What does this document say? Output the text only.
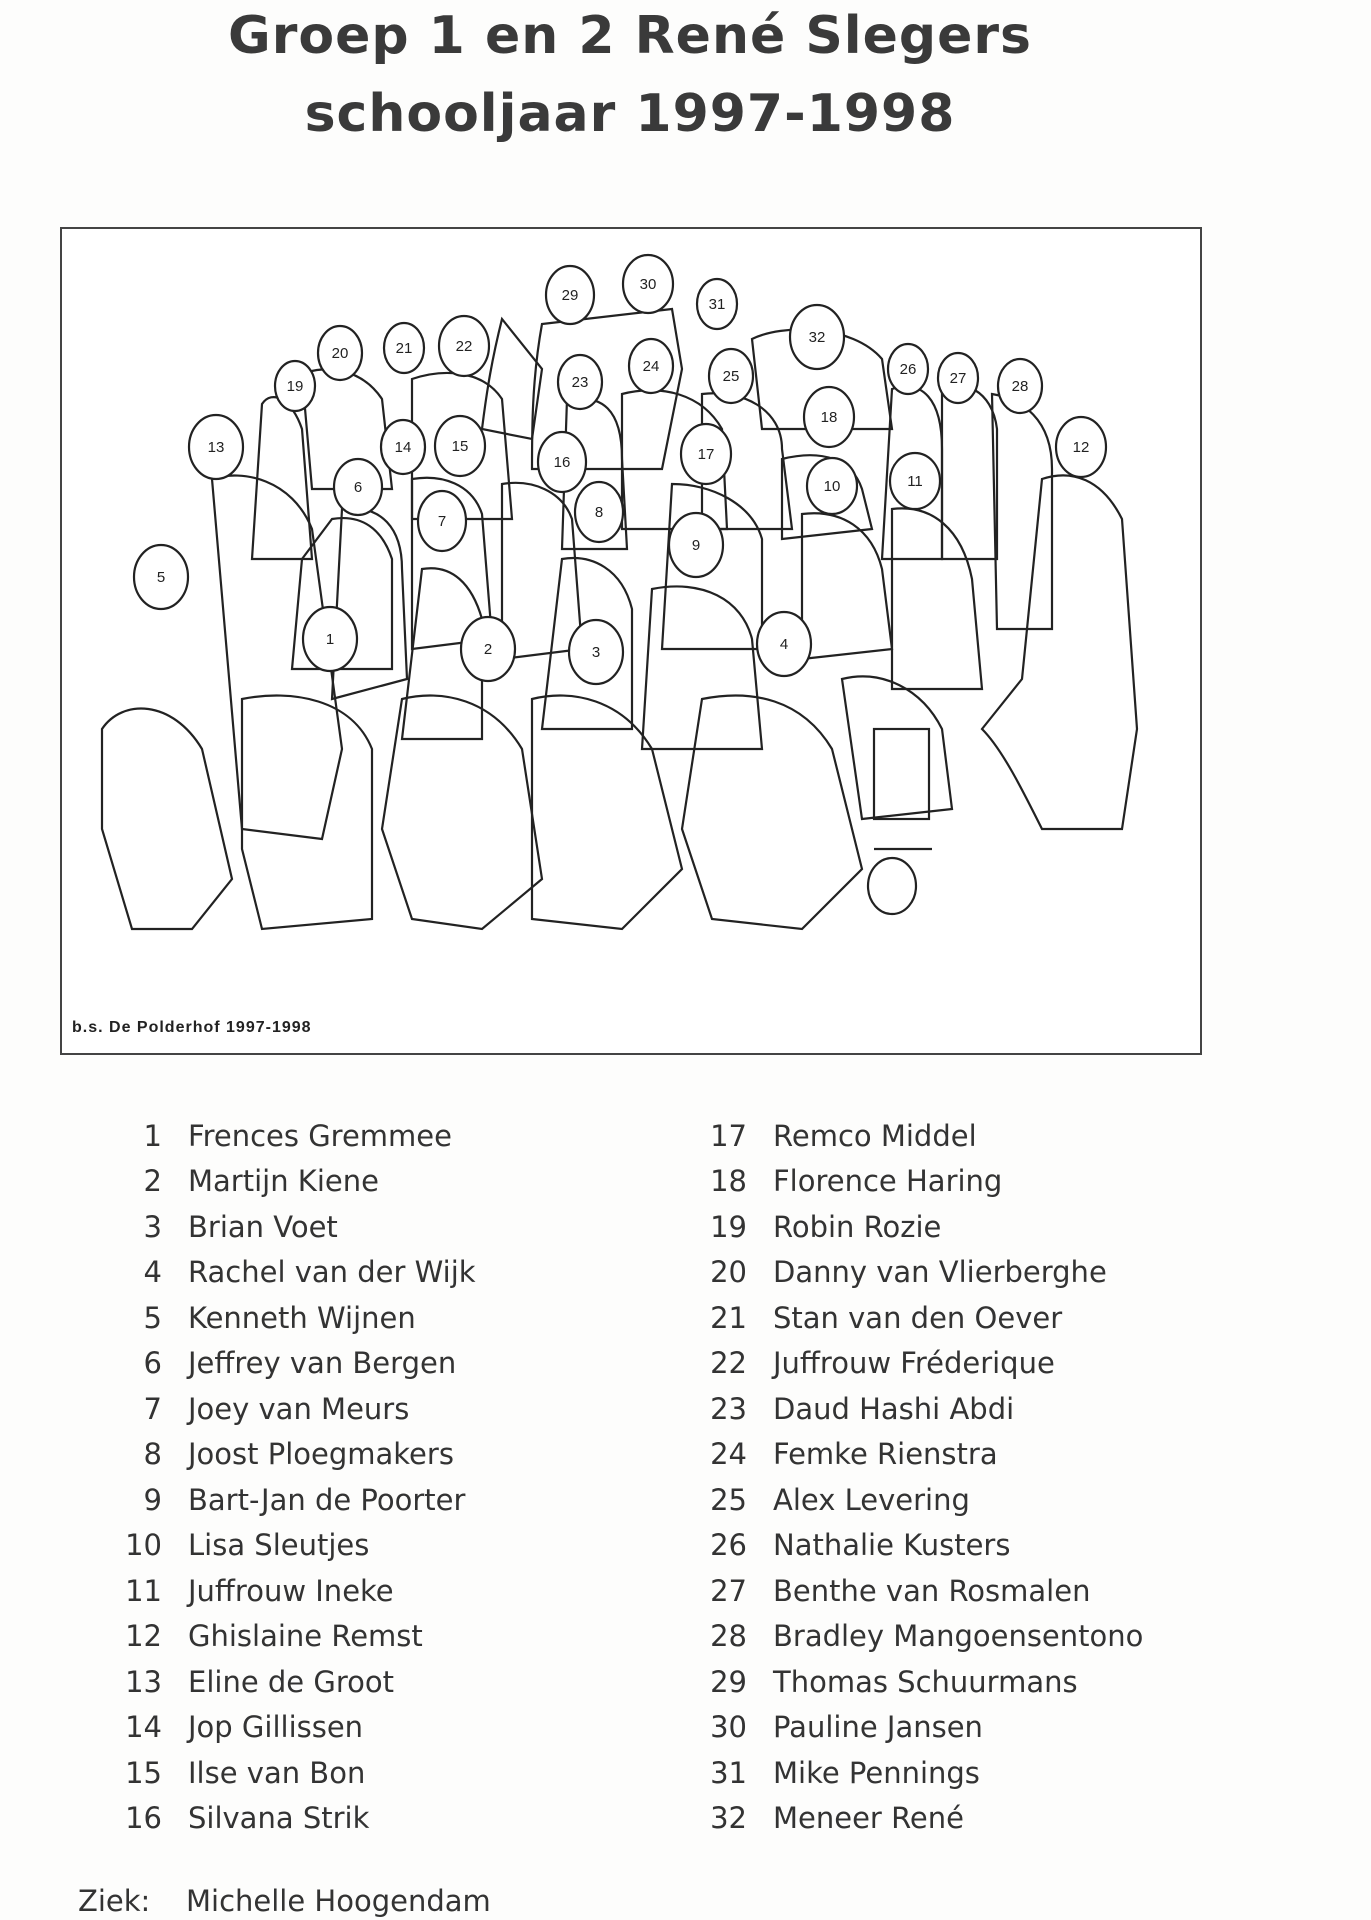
Groep 1 en 2 René Slegers
schooljaar 1997-1998
1
2	3	4
5
6
7
8
9
10	11
12
13	14	15
16	17
18
19
20	21	22
23
24
25	26
27	28
29
30
31
32
b.s. De Polderhof 1997-1998
1 Frences Gremmee
2 Martijn Kiene
3 Brian Voet
4 Rachel van der Wijk
5 Kenneth Wijnen
6 Jeffrey van Bergen
7 Joey van Meurs
8 Joost Ploegmakers
9 Bart-Jan de Poorter
10 Lisa Sleutjes
11 Juffrouw Ineke
12 Ghislaine Remst
13 Eline de Groot
14 Jop Gillissen
15 Ilse van Bon
16 Silvana Strik
17 Remco Middel
18 Florence Haring
19 Robin Rozie
20 Danny van Vlierberghe
21 Stan van den Oever
22 Juffrouw Fréderique
23 Daud Hashi Abdi
24 Femke Rienstra
25 Alex Levering
26 Nathalie Kusters
27 Benthe van Rosmalen
28 Bradley Mangoensentono
29 Thomas Schuurmans
30 Pauline Jansen
31 Mike Pennings
32 Meneer René
Ziek:	Michelle Hoogendam
